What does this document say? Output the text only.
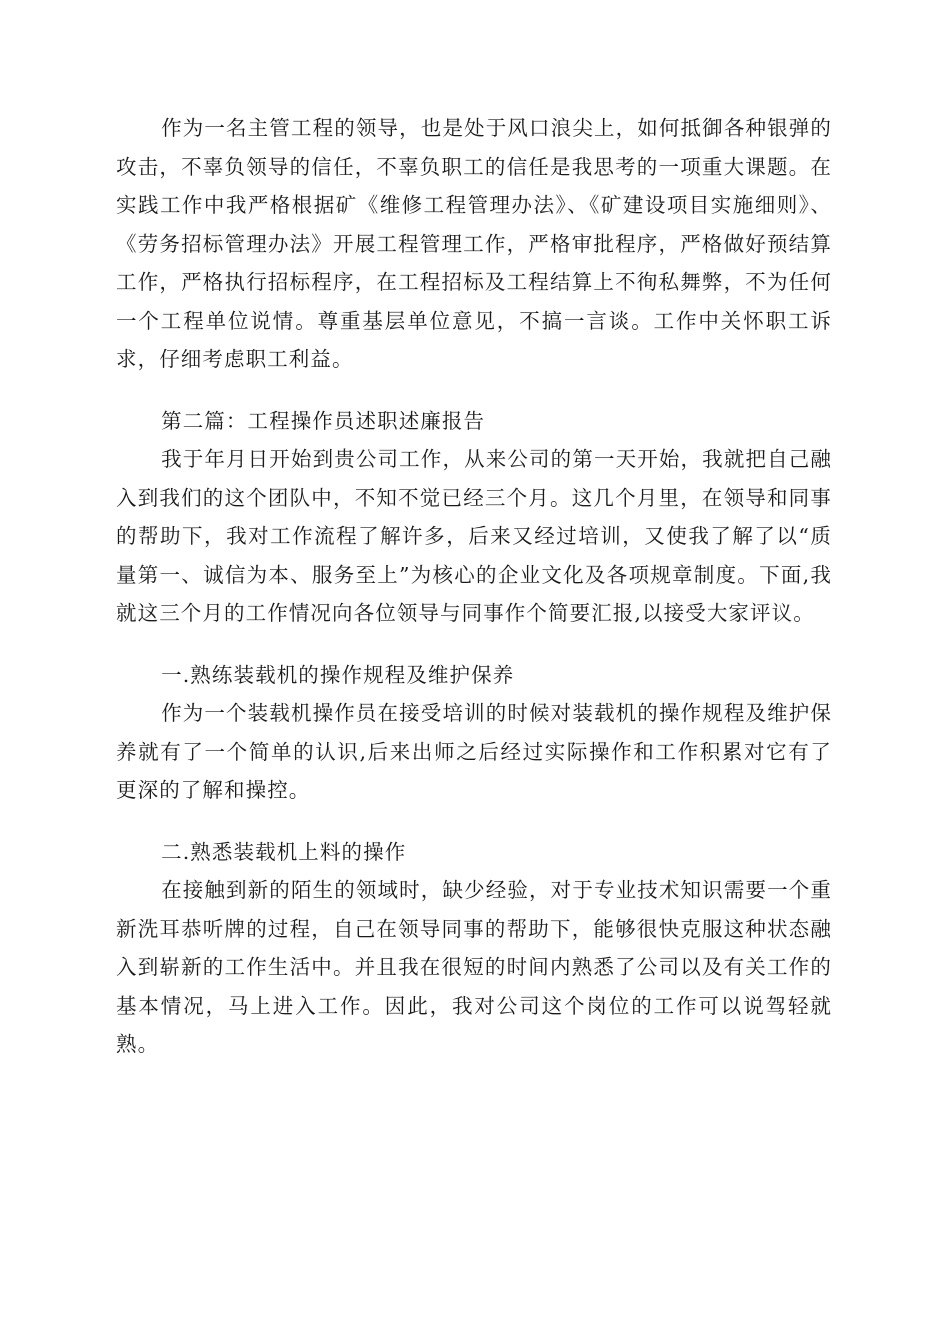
作为一名主管工程的领导，也是处于风口浪尖上，如何抵御各种银弹的攻击，不辜负领导的信任，不辜负职工的信任是我思考的一项重大课题。在实践工作中我严格根据矿《维修工程管理办法》、《矿建设项目实施细则》、《劳务招标管理办法》开展工程管理工作，严格审批程序，严格做好预结算工作，严格执行招标程序，在工程招标及工程结算上不徇私舞弊，不为任何一个工程单位说情。尊重基层单位意见，不搞一言谈。工作中关怀职工诉求，仔细考虑职工利益。

第二篇：工程操作员述职述廉报告

我于年月日开始到贵公司工作，从来公司的第一天开始，我就把自己融入到我们的这个团队中，不知不觉已经三个月。这几个月里，在领导和同事的帮助下，我对工作流程了解许多，后来又经过培训，又使我了解了以“质量第一、诚信为本、服务至上”为核心的企业文化及各项规章制度。下面,我就这三个月的工作情况向各位领导与同事作个简要汇报,以接受大家评议。

一.熟练装载机的操作规程及维护保养

作为一个装载机操作员在接受培训的时候对装载机的操作规程及维护保养就有了一个简单的认识,后来出师之后经过实际操作和工作积累对它有了更深的了解和操控。

二.熟悉装载机上料的操作

在接触到新的陌生的领域时，缺少经验，对于专业技术知识需要一个重新洗耳恭听牌的过程，自己在领导同事的帮助下，能够很快克服这种状态融入到崭新的工作生活中。并且我在很短的时间内熟悉了公司以及有关工作的基本情况，马上进入工作。因此，我对公司这个岗位的工作可以说驾轻就熟。
